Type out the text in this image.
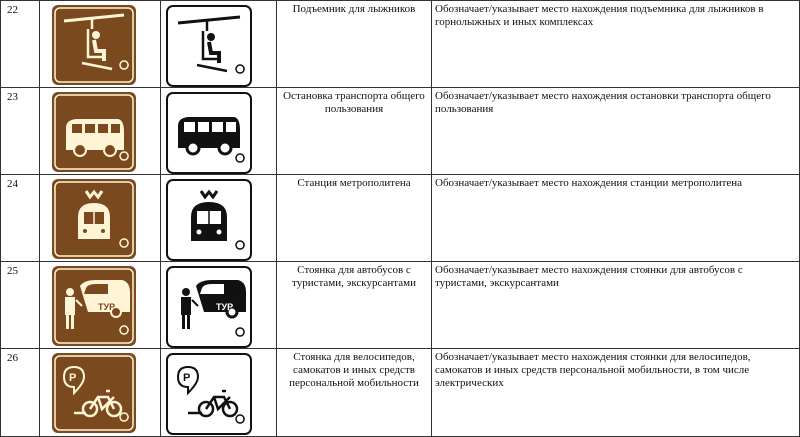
22			Подъемник для лыжников	Обозначает/указывает место нахождения подъемника для лыжников в горнолыжных и иных комплексах
23			Остановка транспорта общего пользования	Обозначает/указывает место нахождения остановки транспорта общего пользования
24			Станция метрополитена	Обозначает/указывает место нахождения станции метрополитена
25	ТУР	ТУР	Стоянка для автобусов с туристами, экскурсантами	Обозначает/указывает место нахождения стоянки для автобусов с туристами, экскурсантами
26	P	P	Стоянка для велосипедов, самокатов и иных средств персональной мобильности	Обозначает/указывает место нахождения стоянки для велосипедов, самокатов и иных средств персональной мобильности, в том числе электрических
